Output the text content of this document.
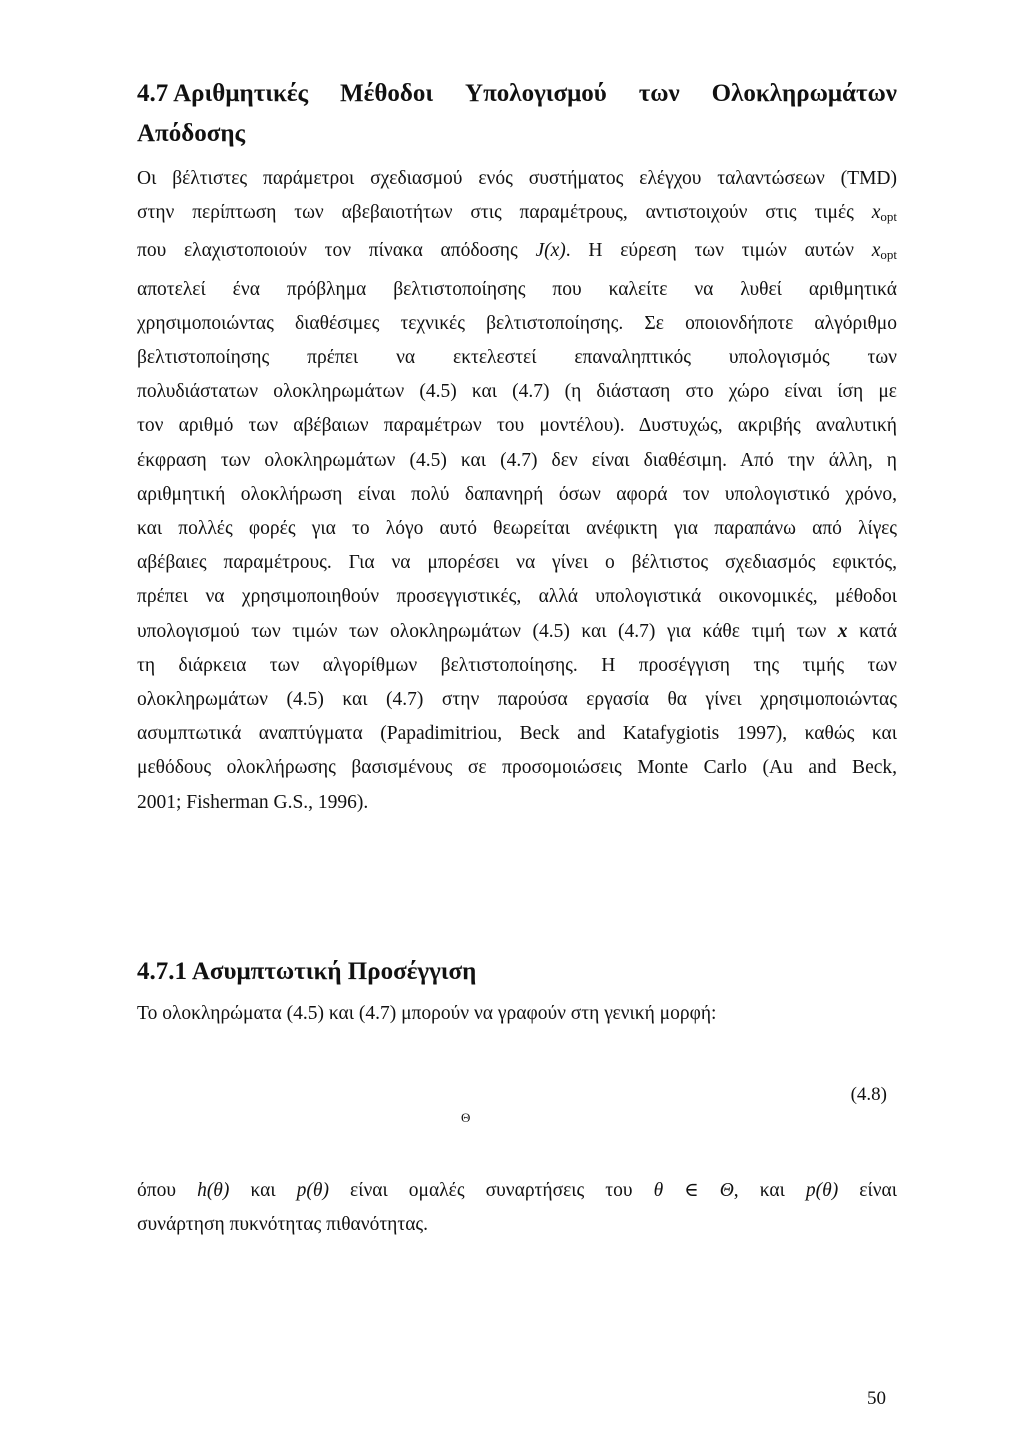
4.7 Αριθμητικές Μέθοδοι Υπολογισμού των Ολοκληρωμάτων
Απόδοσης
Οι βέλτιστες παράμετροι σχεδιασμού ενός συστήματος ελέγχου ταλαντώσεων (TMD)
στην περίπτωση των αβεβαιοτήτων στις παραμέτρους, αντιστοιχούν στις τιμές $x_{opt}$
που ελαχιστοποιούν τον πίνακα απόδοσης J(x). Η εύρεση των τιμών αυτών $x_{opt}$
αποτελεί ένα πρόβλημα βελτιστοποίησης που καλείτε να λυθεί αριθμητικά
χρησιμοποιώντας διαθέσιμες τεχνικές βελτιστοποίησης. Σε οποιονδήποτε αλγόριθμο
βελτιστοποίησης πρέπει να εκτελεστεί επαναληπτικός υπολογισμός των
πολυδιάστατων ολοκληρωμάτων (4.5) και (4.7) (η διάσταση στο χώρο είναι ίση με
τον αριθμό των αβέβαιων παραμέτρων του μοντέλου). Δυστυχώς, ακριβής αναλυτική
έκφραση των ολοκληρωμάτων (4.5) και (4.7) δεν είναι διαθέσιμη. Από την άλλη, η
αριθμητική ολοκλήρωση είναι πολύ δαπανηρή όσων αφορά τον υπολογιστικό χρόνο,
και πολλές φορές για το λόγο αυτό θεωρείται ανέφικτη για παραπάνω από λίγες
αβέβαιες παραμέτρους. Για να μπορέσει να γίνει ο βέλτιστος σχεδιασμός εφικτός,
πρέπει να χρησιμοποιηθούν προσεγγιστικές, αλλά υπολογιστικά οικονομικές, μέθοδοι
υπολογισμού των τιμών των ολοκληρωμάτων (4.5) και (4.7) για κάθε τιμή των x κατά
τη διάρκεια των αλγορίθμων βελτιστοποίησης. Η προσέγγιση της τιμής των
ολοκληρωμάτων (4.5) και (4.7) στην παρούσα εργασία θα γίνει χρησιμοποιώντας
ασυμπτωτικά αναπτύγματα (Papadimitriou, Beck and Katafygiotis 1997), καθώς και
μεθόδους ολοκλήρωσης βασισμένους σε προσομοιώσεις Monte Carlo (Au and Beck,
2001; Fisherman G.S., 1996).
4.7.1 Ασυμπτωτική Προσέγγιση
Το ολοκληρώματα (4.5) και (4.7) μπορούν να γραφούν στη γενική μορφή:
(4.8)
Θ
όπου h(θ) και p(θ) είναι ομαλές συναρτήσεις του θ ∈ Θ, και p(θ) είναι
συνάρτηση πυκνότητας πιθανότητας.
50
